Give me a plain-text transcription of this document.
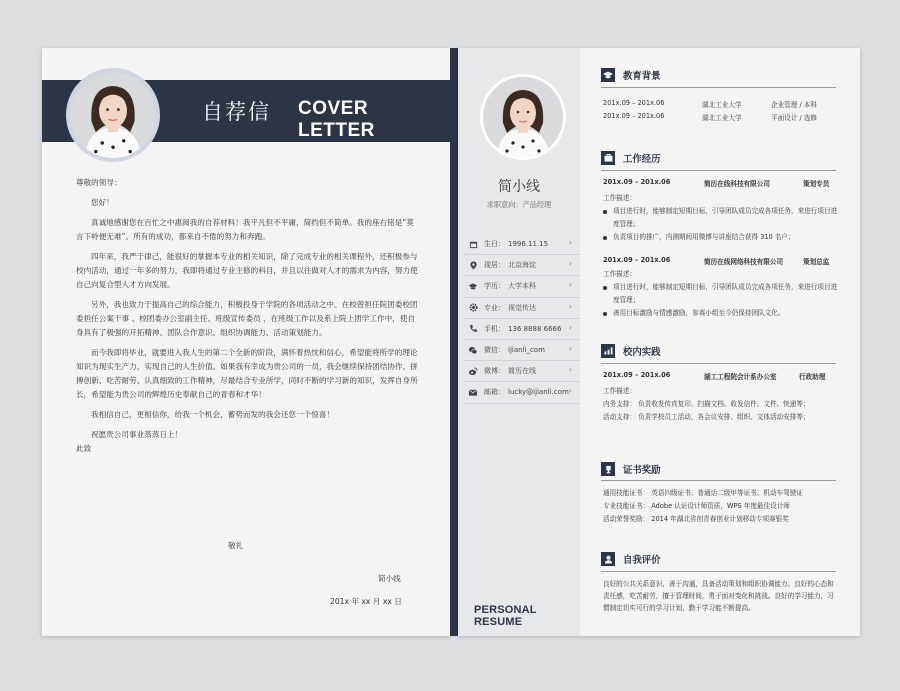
自荐信 COVER LETTER

尊敬的领导：

您好！

真诚地感谢您在百忙之中惠阅我的自荐材料！我平凡但不平庸，简约但不简单。我的座右铭是“莫言下岭便无难”。所有的成功，都来自不倦的努力和奔跑。

四年来，我严于律己，能很好的掌握本专业的相关知识，除了完成专业的相关课程外，还积极参与校内活动，通过一年多的努力，我即将通过专业主修的科目，并且以往做对人才的需求为内容，努力使自己向复合型人才方向发展。

另外，我也致力于提高自己的综合能力，积极投身于学院的各项活动之中。在校曾担任院团委校团委担任公案干事 、校团委办公室副主任、班级宣传委员 ，在班级工作以及系上院上团学工作中，使自身具有了极强的开拓精神、团队合作意识、组织协调能力、活动策划能力。

而今我即将毕业，就要进入我人生的第二个全新的阶段，满怀着热忱和信心，希望能将所学的理论知识为现实生产力，实现自己的人生价值。如果我有幸成为贵公司的一员，我会继续保持团结协作、拼搏创新、吃苦耐劳、认真细致的工作精神，尽最结合专业所学，同时不断的学习新的知识，发挥自身所长，希望能为贵公司的辉煌历史奉献自己的青春和才华！

我相信自己，更相信你，给我一个机会，蓄势而发的我会还您一个惊喜！

祝愿贵公司事业蒸蒸日上！

此致

敬礼
简小线
201x 年 xx 月 xx 日
简小线
求职意向：产品经理
生日： 1996.11.15	›
现居： 北京海淀	›
学历： 大学本科	›
专业： 视觉传达	›
手机： 136 8888 6666 ›
微信： ijianli_com	›
微博： 简历在线	›
邮箱： lucky@ijianli.com ›
PERSONAL RESUME
教育背景
201x.09 – 201x.06	湖北工业大学	企业管理 / 本科
201x.09 – 201x.06	湖北工业大学	平面设计 / 选修
工作经历
201x.09 – 201x.06	简历在线科技有限公司	策划专员
工作描述：
项目进行时，能够制定短期目标，引导团队成员完成各项任务，来进行项目进度管理；
负责项目的推广，内测期间用微博与讲座结合获得 310 名户；
201x.09 – 201x.06	简历在线网络科技有限公司	策划总监
工作描述：
项目进行时，能够制定短期目标，引导团队成员完成各项任务，来进行项目进度管理；
善用目标激励与情感激励，参赛小组至今仍保持团队文化。
校内实践
201x.09 – 201x.06	湖工工程院会计系办公室	行政助理
工作描述：
内务支持： 负责收发传真复印、扫描文档、收发信件、文件、快递等；
活动支持： 负责学校员工活动，各会议安排、组织、文体活动安排等；
证书奖励
通用技能证书： 英语四级证书、普通话二级甲等证书、机动车驾驶证
专业技能证书： Adobe 认证设计师资质，WPS 年度最佳设计师
活动荣誉奖励： 2014 年湖北省创青春创业计划移动专项赛银奖
自我评价
良好的公共关系意识，善于沟通，具备活动策划和组织协调能力。良好的心态和责任感，吃苦耐劳，擅于管理时间，勇于面对变化和挑战。良好的学习能力，习惯制定切实可行的学习计划，勤于学习能不断提高。
